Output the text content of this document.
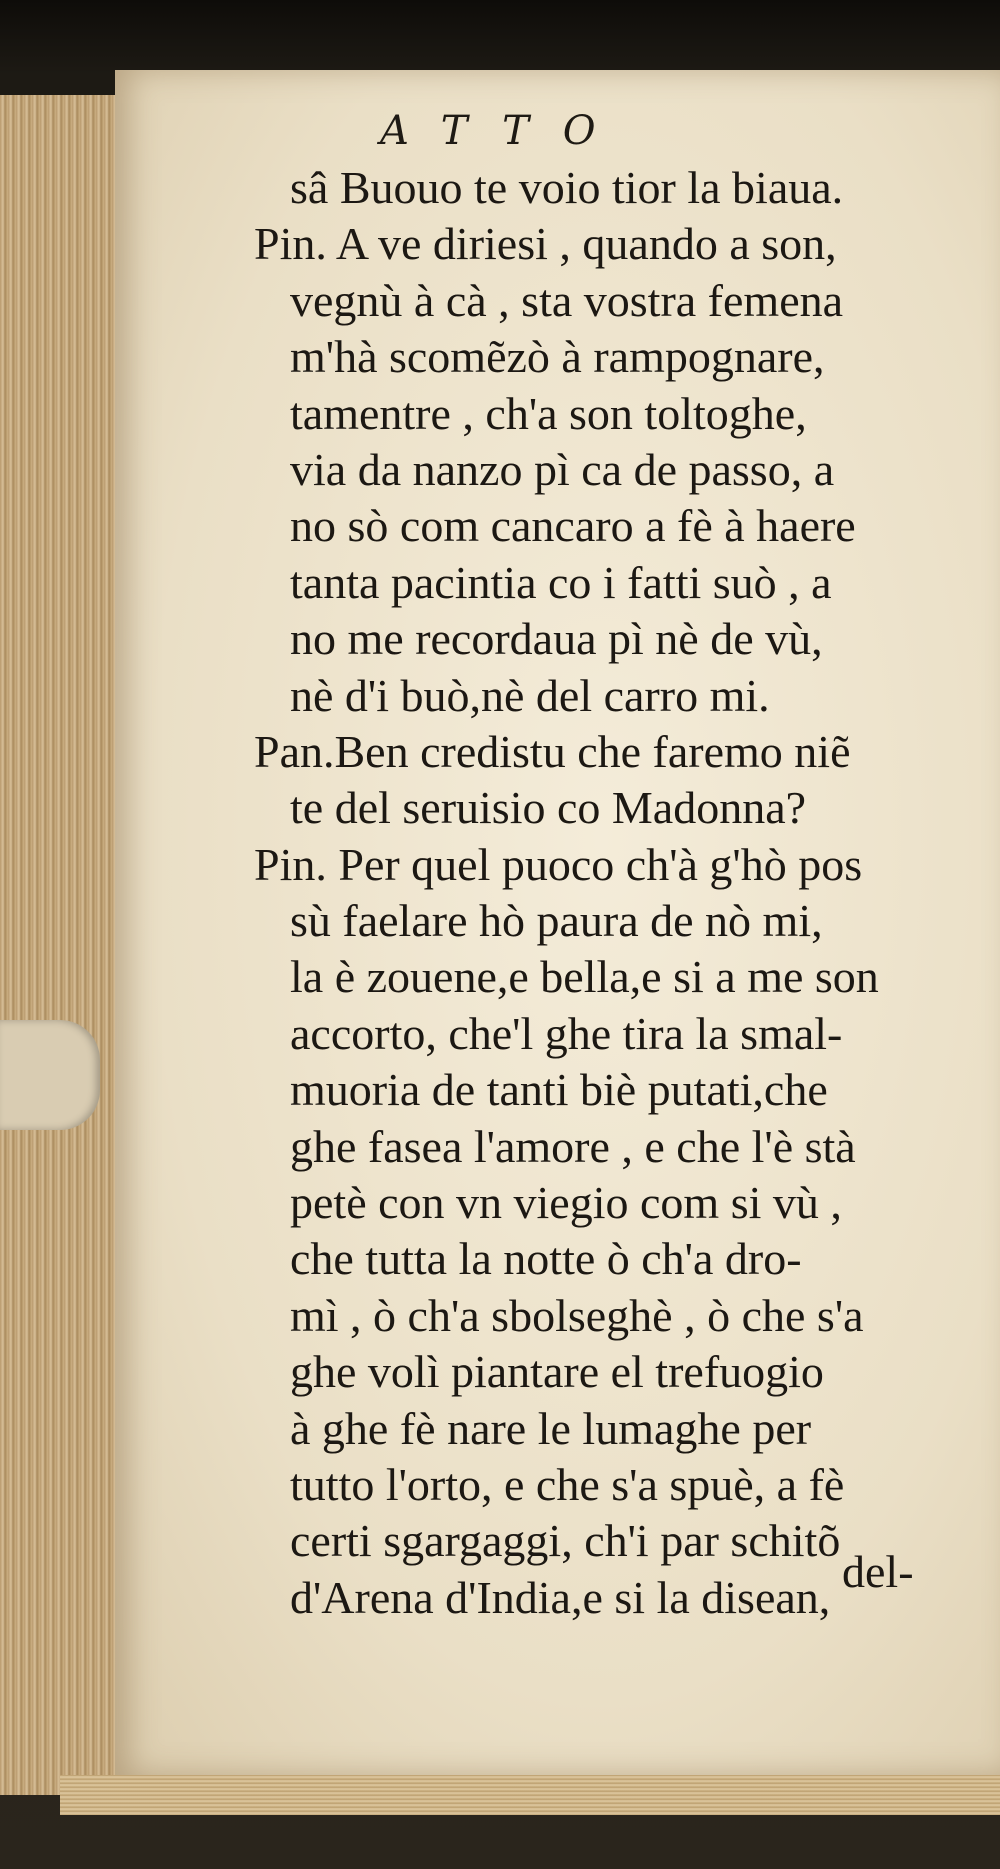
ATTO
sâ Buouo te voio tior la biaua.
Pin. A ve diriesi , quando a son,
vegnù à cà , sta vostra femena
m'hà scomẽzò à rampognare,
tamentre , ch'a son toltoghe,
via da nanzo pì ca de passo, a
no sò com cancaro a fè à haere
tanta pacintia co i fatti suò , a
no me recordaua pì nè de vù,
nè d'i buò,nè del carro mi.
Pan.Ben credistu che faremo niẽ
te del seruisio co Madonna?
Pin. Per quel puoco ch'à g'hò pos
sù faelare hò paura de nò mi,
la è zouene,e bella,e si a me son
accorto, che'l ghe tira la smal-
muoria de tanti biè putati,che
ghe fasea l'amore , e che l'è stà
petè con vn viegio com si vù ,
che tutta la notte ò ch'a dro-
mì , ò ch'a sbolseghè , ò che s'a
ghe volì piantare el trefuogio
à ghe fè nare le lumaghe per
tutto l'orto, e che s'a spuè, a fè
certi sgargaggi, ch'i par schitõ
d'Arena d'India,e si la disean,
del-
